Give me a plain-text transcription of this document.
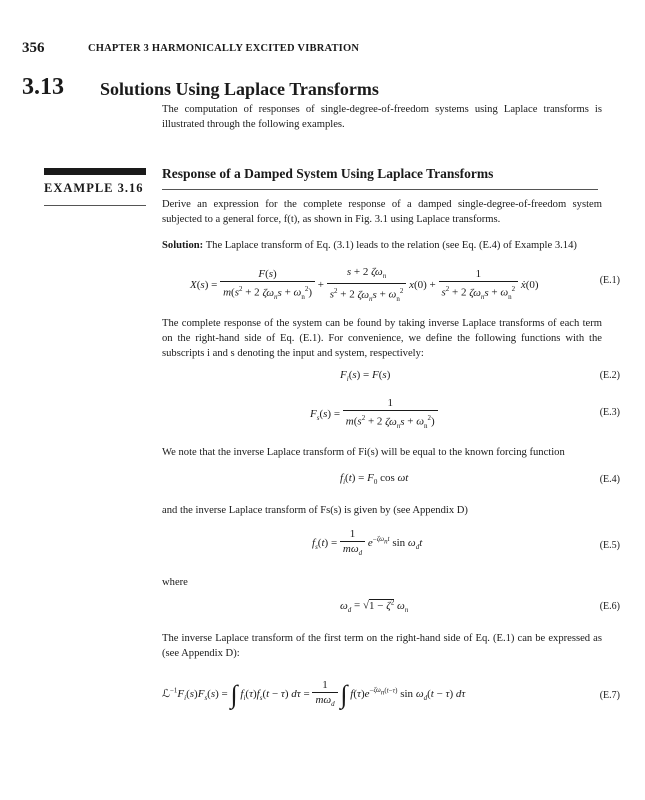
356	CHAPTER 3 HARMONICALLY EXCITED VIBRATION
3.13 Solutions Using Laplace Transforms
The computation of responses of single-degree-of-freedom systems using Laplace transforms is illustrated through the following examples.
EXAMPLE 3.16
Response of a Damped System Using Laplace Transforms
Derive an expression for the complete response of a damped single-degree-of-freedom system subjected to a general force, f(t), as shown in Fig. 3.1 using Laplace transforms.
Solution: The Laplace transform of Eq. (3.1) leads to the relation (see Eq. (E.4) of Example 3.14)
$X(s) = \frac{F(s)}{m(s^2 + 2 \zeta\omega_ns + \omega_n^2)} + \frac{s + 2 \zeta\omega_n}{s^2 + 2 \zeta\omega_ns + \omega_n^2} x(0) + \frac{1}{s^2 + 2 \zeta\omega_ns + \omega_n^2}$ ẋ(0)	(E.1)
The complete response of the system can be found by taking inverse Laplace transforms of each term on the right-hand side of Eq. (E.1). For convenience, we define the following functions with the subscripts i and s denoting the input and system, respectively:
$F_i(s) = F(s)$	(E.2)
$F_s(s) = \frac{1}{m(s^2 + 2 \zeta\omega_ns + \omega_n^2)}$	(E.3)
We note that the inverse Laplace transform of Fi(s) will be equal to the known forcing function
$f_i(t) = F_0$ cos ωt	(E.4)
and the inverse Laplace transform of Fs(s) is given by (see Appendix D)
$f_s(t) = \frac{1}{m\omega_d} e^{-\zeta\omega_nt}$ $\sin \omega_dt$	(E.5)
where
$\omega_d = √1 - \zeta^2$ $\omega_n$	(E.6)
The inverse Laplace transform of the first term on the right-hand side of Eq. (E.1) can be expressed as (see Appendix D):
$ℒ^{-1}F_i(s)F_s(s)$ = ∫ $f_i(\tau)f_s(t - \tau) d\tau = \frac{1}{m\omega_d}$ ∫ $f(\tau)e^{-\zeta\omega_n(t-\tau)}$ $\sin \omega_d(t - \tau)$ dτ	(E.7)
